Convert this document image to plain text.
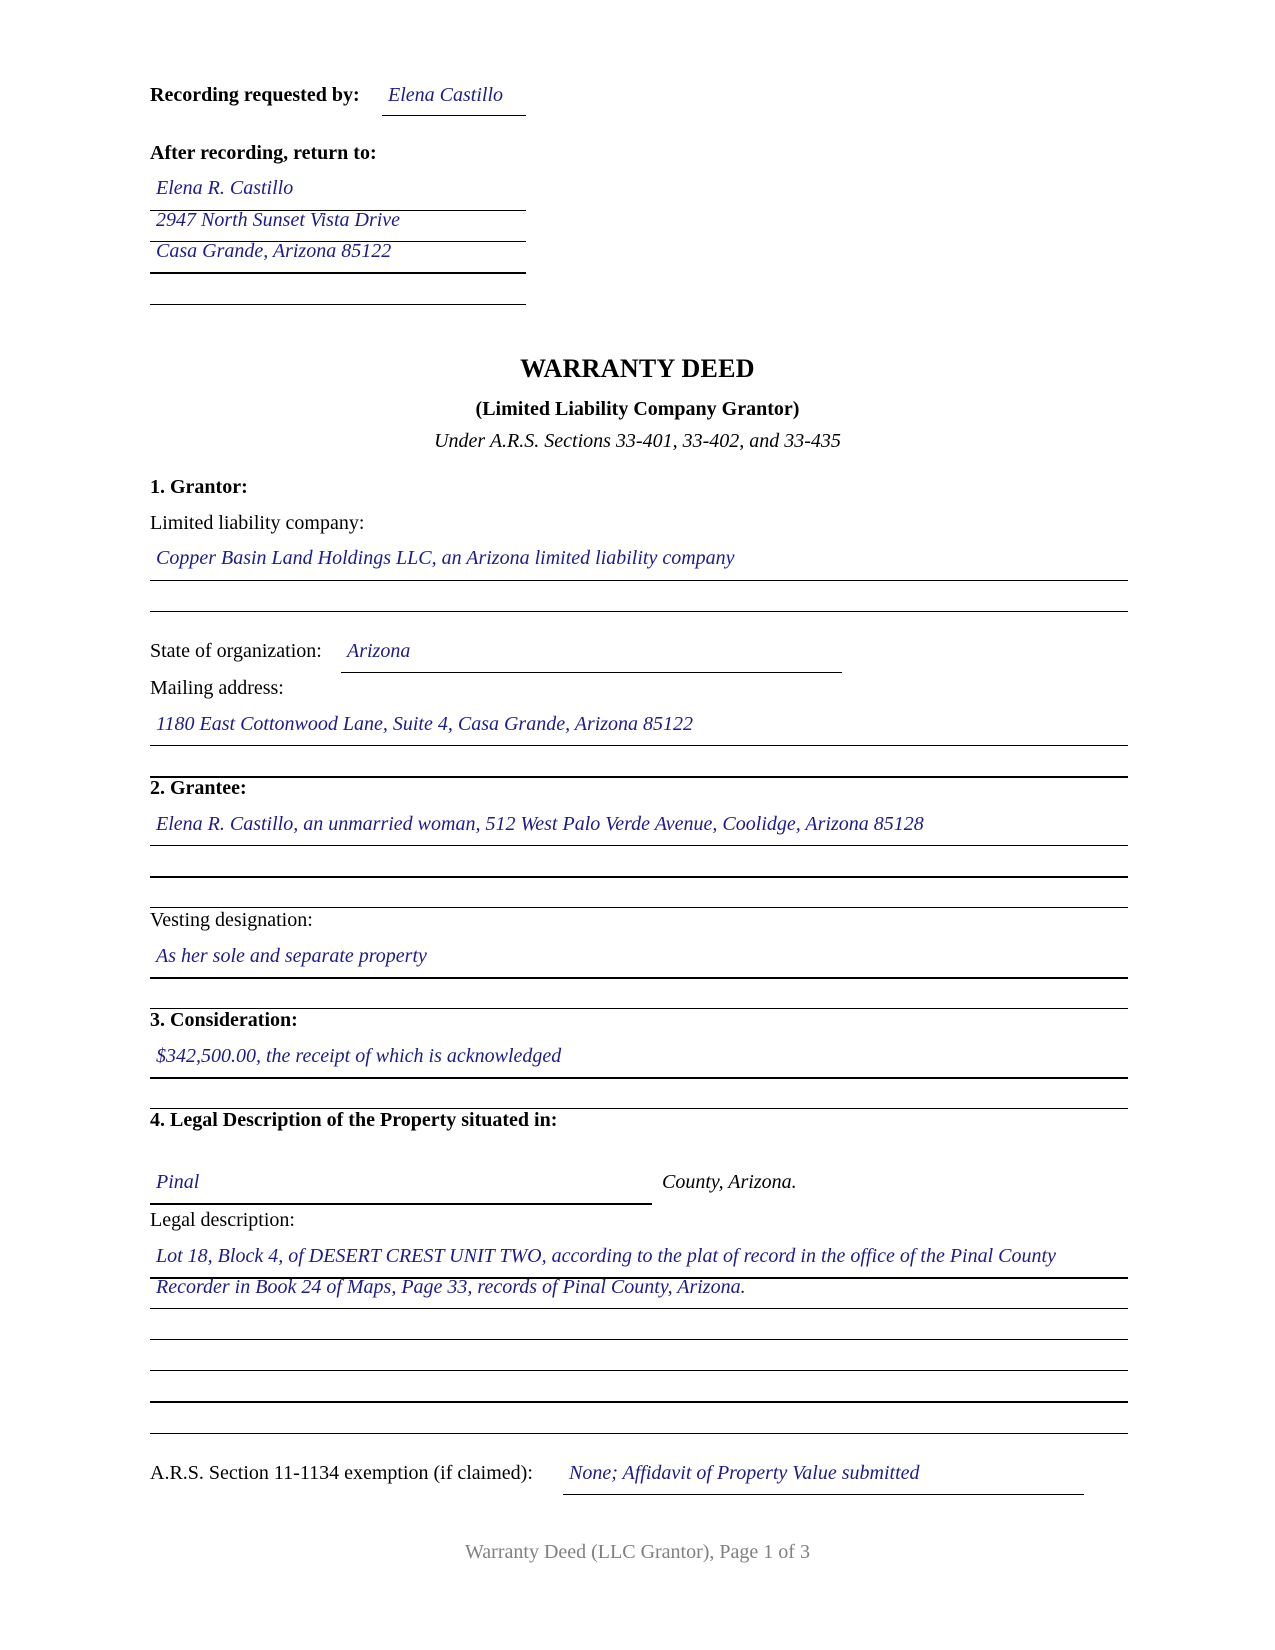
Recording requested by: Elena Castillo
After recording, return to:
Elena R. Castillo
2947 North Sunset Vista Drive
Casa Grande, Arizona 85122
WARRANTY DEED
(Limited Liability Company Grantor)
Under A.R.S. Sections 33-401, 33-402, and 33-435
1. Grantor:
Limited liability company:
Copper Basin Land Holdings LLC, an Arizona limited liability company
State of organization: Arizona
Mailing address:
1180 East Cottonwood Lane, Suite 4, Casa Grande, Arizona 85122
2. Grantee:
Elena R. Castillo, an unmarried woman, 512 West Palo Verde Avenue, Coolidge, Arizona 85128
Vesting designation:
As her sole and separate property
3. Consideration:
$342,500.00, the receipt of which is acknowledged
4. Legal Description of the Property situated in:
Pinal	County, Arizona.
Legal description:
Lot 18, Block 4, of DESERT CREST UNIT TWO, according to the plat of record in the office of the Pinal County
Recorder in Book 24 of Maps, Page 33, records of Pinal County, Arizona.
A.R.S. Section 11-1134 exemption (if claimed): None; Affidavit of Property Value submitted
Warranty Deed (LLC Grantor), Page 1 of 3
